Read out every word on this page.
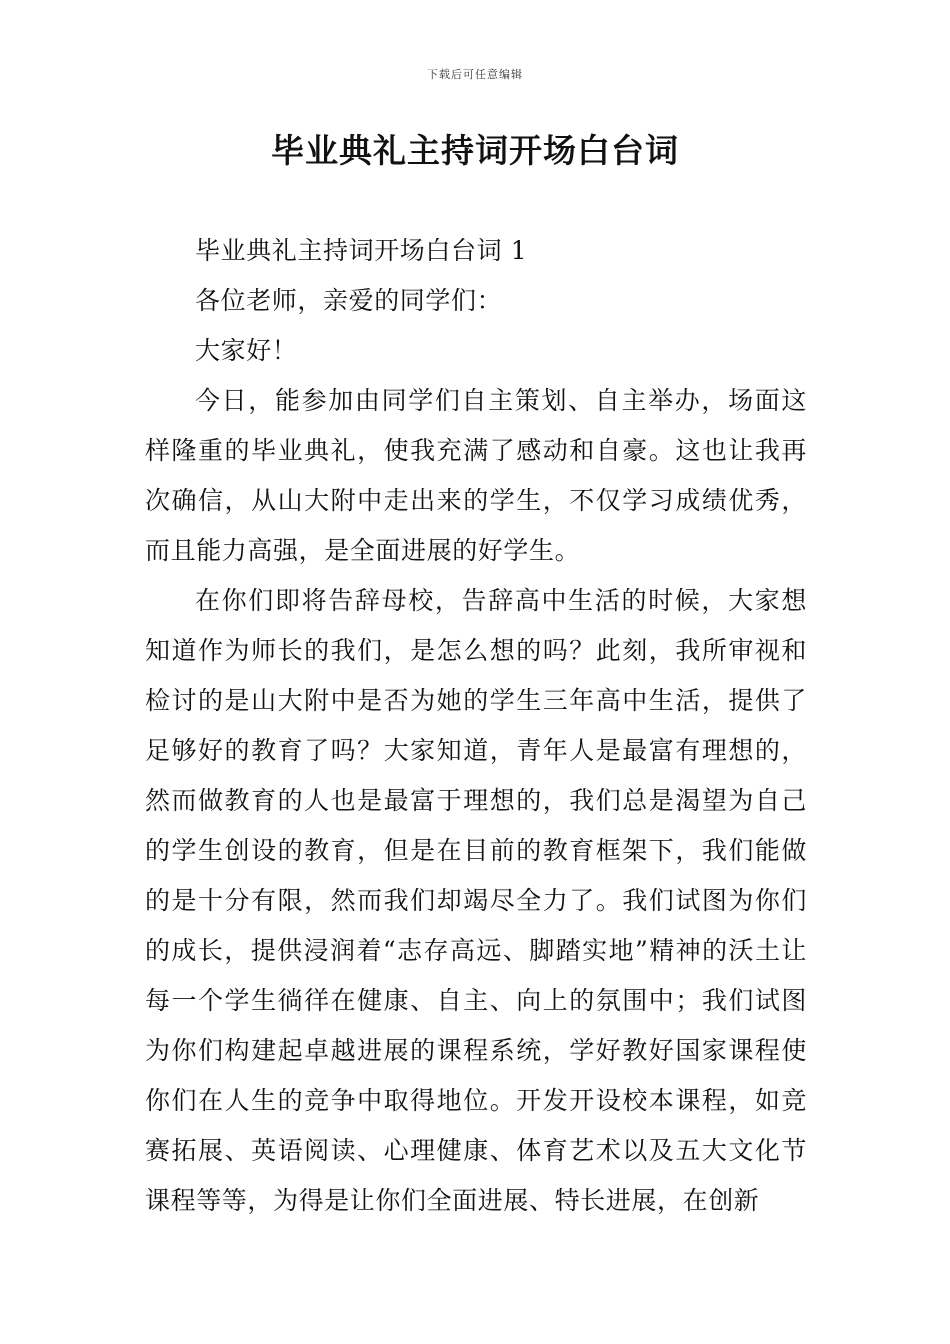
下载后可任意编辑
毕业典礼主持词开场白台词

毕业典礼主持词开场白台词 1

各位老师，亲爱的同学们：

大家好！

今日，能参加由同学们自主策划、自主举办，场面这样隆重的毕业典礼，使我充满了感动和自豪。这也让我再次确信，从山大附中走出来的学生，不仅学习成绩优秀，而且能力高强，是全面进展的好学生。

在你们即将告辞母校，告辞高中生活的时候，大家想知道作为师长的我们，是怎么想的吗？此刻，我所审视和检讨的是山大附中是否为她的学生三年高中生活，提供了足够好的教育了吗？大家知道，青年人是最富有理想的，然而做教育的人也是最富于理想的，我们总是渴望为自己的学生创设的教育，但是在目前的教育框架下，我们能做的是十分有限，然而我们却竭尽全力了。我们试图为你们的成长，提供浸润着“志存高远、脚踏实地”精神的沃土让每一个学生徜徉在健康、自主、向上的氛围中；我们试图为你们构建起卓越进展的课程系统，学好教好国家课程使你们在人生的竞争中取得地位。开发开设校本课程，如竞赛拓展、英语阅读、心理健康、体育艺术以及五大文化节课程等等，为得是让你们全面进展、特长进展，在创新
